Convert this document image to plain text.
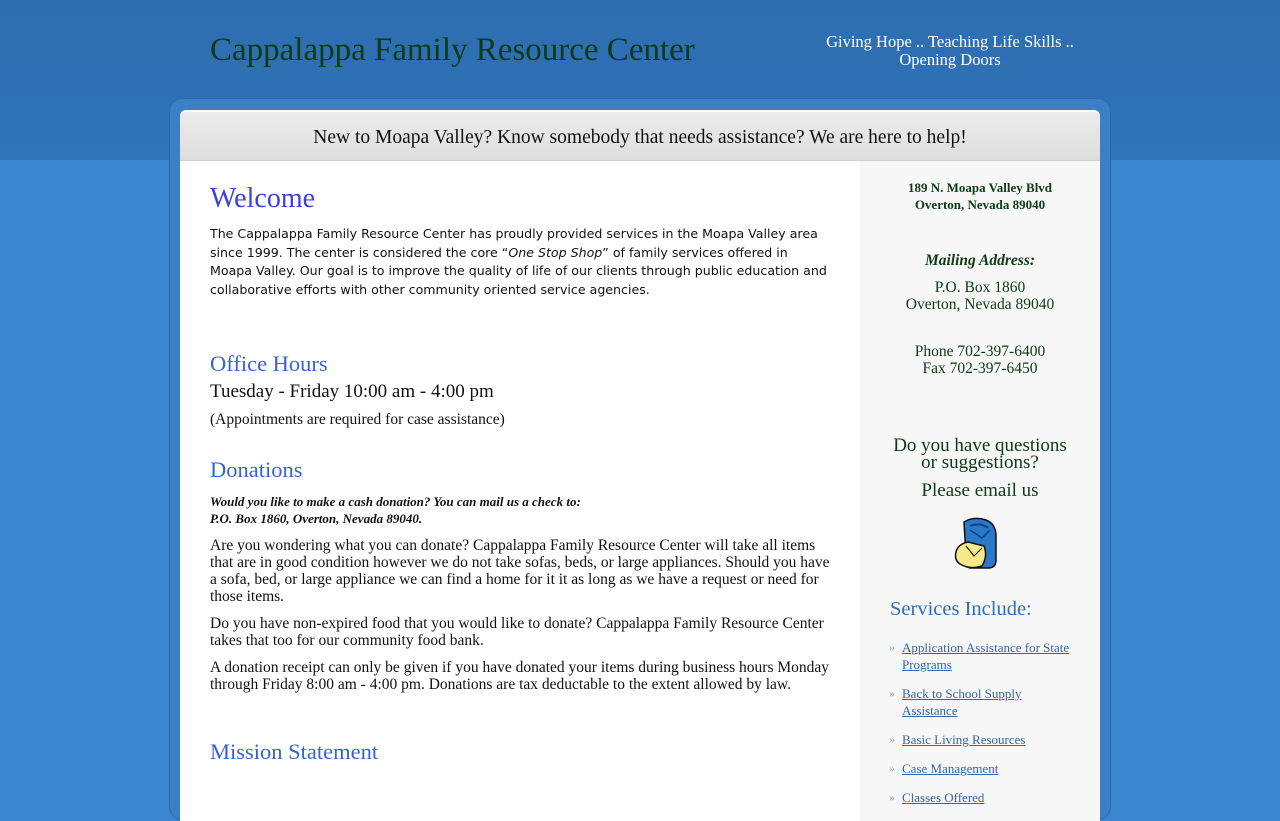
Cappalappa Family Resource Center	Giving Hope .. Teaching Life Skills .. Opening Doors
New to Moapa Valley? Know somebody that needs assistance? We are here to help!
Welcome

The Cappalappa Family Resource Center has proudly provided services in the Moapa Valley area since 1999. The center is considered the core “One Stop Shop” of family services offered in Moapa Valley. Our goal is to improve the quality of life of our clients through public education and collaborative efforts with other community oriented service agencies.

Office Hours

Tuesday - Friday 10:00 am - 4:00 pm

(Appointments are required for case assistance)

Donations

Would you like to make a cash donation? You can mail us a check to:
P.O. Box 1860, Overton, Nevada 89040.

Are you wondering what you can donate? Cappalappa Family Resource Center will take all items that are in good condition however we do not take sofas, beds, or large appliances. Should you have a sofa, bed, or large appliance we can find a home for it it as long as we have a request or need for those items.

Do you have non-expired food that you would like to donate? Cappalappa Family Resource Center takes that too for our community food bank.

A donation receipt can only be given if you have donated your items during business hours Monday through Friday 8:00 am - 4:00 pm. Donations are tax deductable to the extent allowed by law.

Mission Statement
189 N. Moapa Valley Blvd
Overton, Nevada 89040
Mailing Address:
P.O. Box 1860
Overton, Nevada 89040
Phone 702-397-6400
Fax 702-397-6450
Do you have questions
or suggestions?
Please email us
Services Include:
» Application Assistance for State Programs
» Back to School Supply Assistance
» Basic Living Resources
» Case Management
» Classes Offered
